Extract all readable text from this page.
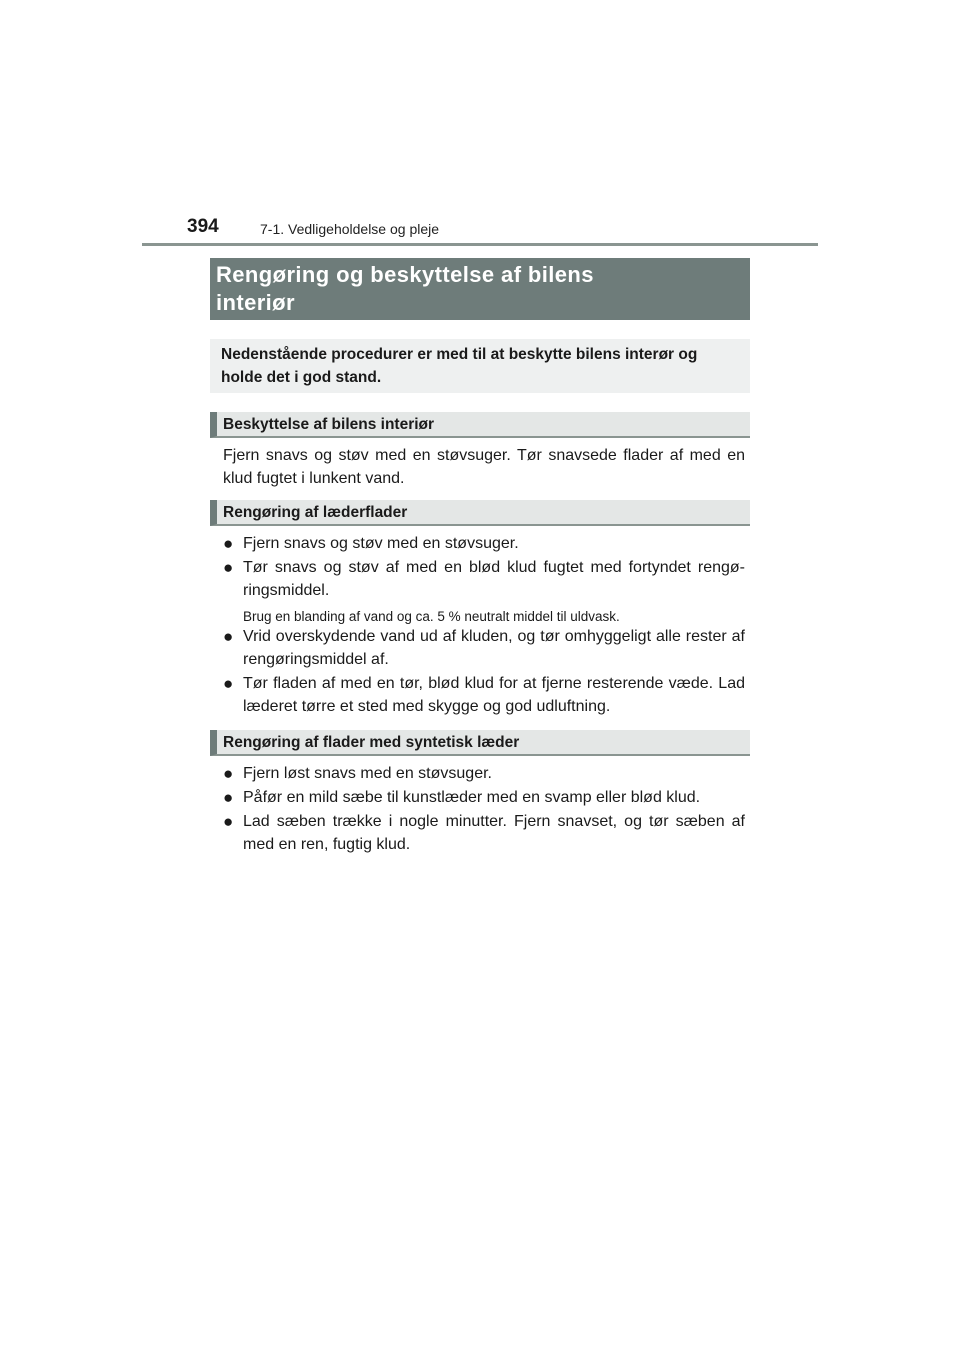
394	7-1. Vedligeholdelse og pleje
Rengøring og beskyttelse af bilens
interiør
Nedenstående procedurer er med til at beskytte bilens interør og
holde det i god stand.
Beskyttelse af bilens interiør
Fjern snavs og støv med en støvsuger. Tør snavsede flader af med en klud fugtet i lunkent vand.
Rengøring af læderflader
● Fjern snavs og støv med en støvsuger.
● Tør snavs og støv af med en blød klud fugtet med fortyndet rengø-ringsmiddel.
Brug en blanding af vand og ca. 5 % neutralt middel til uldvask.
● Vrid overskydende vand ud af kluden, og tør omhyggeligt alle rester af rengøringsmiddel af.
● Tør fladen af med en tør, blød klud for at fjerne resterende væde. Lad læderet tørre et sted med skygge og god udluftning.
Rengøring af flader med syntetisk læder
● Fjern løst snavs med en støvsuger.
● Påfør en mild sæbe til kunstlæder med en svamp eller blød klud.
● Lad sæben trække i nogle minutter. Fjern snavset, og tør sæben af med en ren, fugtig klud.
